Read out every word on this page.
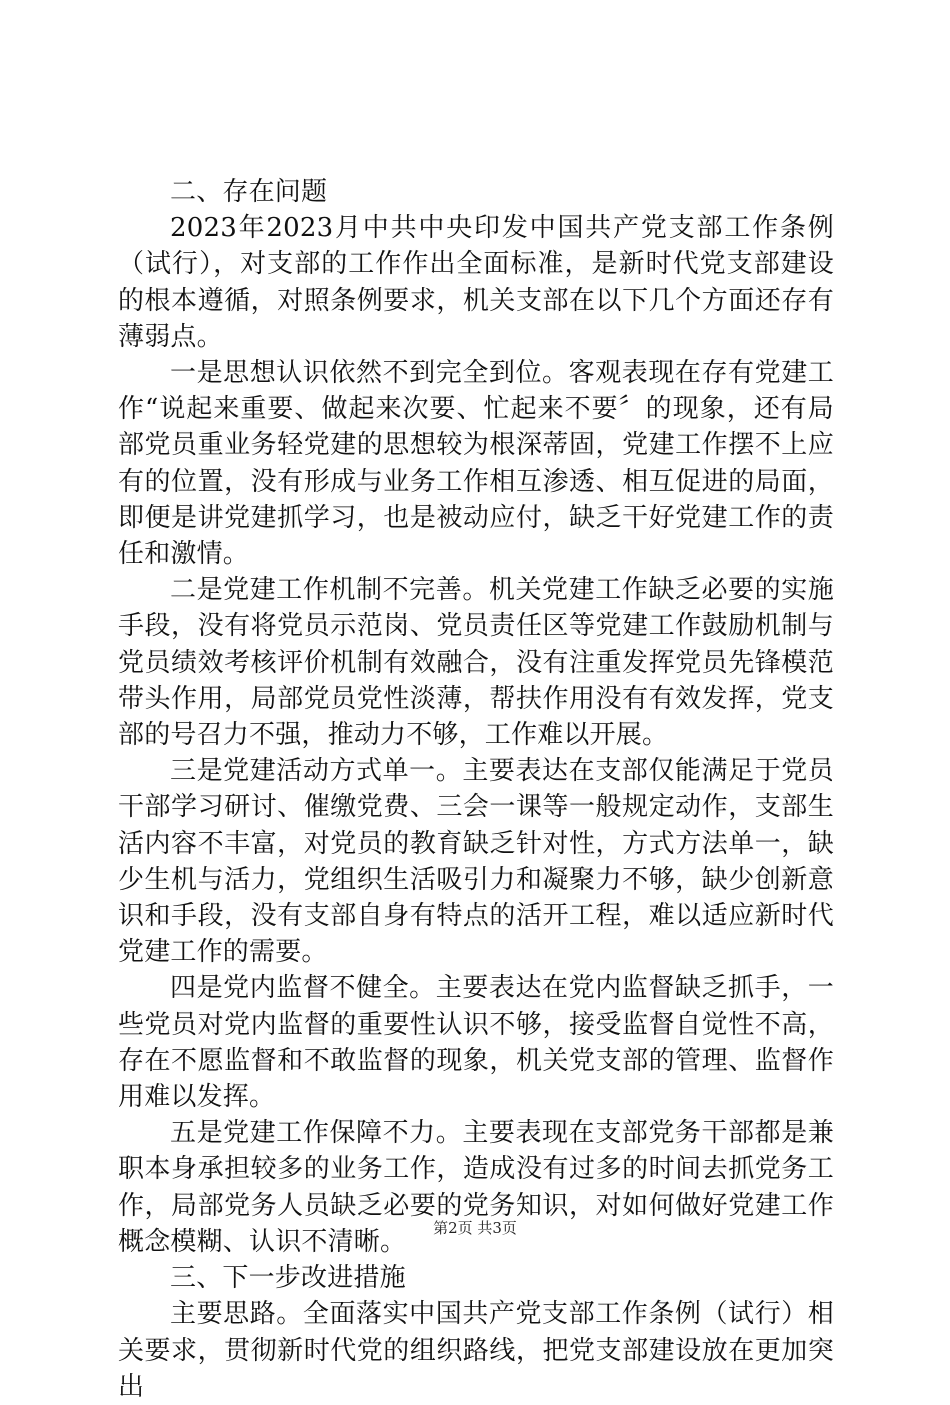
二、存在问题

2023年2023月中共中央印发中国共产党支部工作条例（试行），对支部的工作作出全面标准，是新时代党支部建设的根本遵循，对照条例要求，机关支部在以下几个方面还存有薄弱点。

一是思想认识依然不到完全到位。客观表现在存有党建工作“说起来重要、做起来次要、忙起来不要〞的现象，还有局部党员重业务轻党建的思想较为根深蒂固，党建工作摆不上应有的位置，没有形成与业务工作相互渗透、相互促进的局面，即便是讲党建抓学习，也是被动应付，缺乏干好党建工作的责任和激情。

二是党建工作机制不完善。机关党建工作缺乏必要的实施手段，没有将党员示范岗、党员责任区等党建工作鼓励机制与党员绩效考核评价机制有效融合，没有注重发挥党员先锋模范带头作用，局部党员党性淡薄，帮扶作用没有有效发挥，党支部的号召力不强，推动力不够，工作难以开展。

三是党建活动方式单一。主要表达在支部仅能满足于党员干部学习研讨、催缴党费、三会一课等一般规定动作，支部生活内容不丰富，对党员的教育缺乏针对性，方式方法单一，缺少生机与活力，党组织生活吸引力和凝聚力不够，缺少创新意识和手段，没有支部自身有特点的活开工程，难以适应新时代党建工作的需要。

四是党内监督不健全。主要表达在党内监督缺乏抓手，一些党员对党内监督的重要性认识不够，接受监督自觉性不高，存在不愿监督和不敢监督的现象，机关党支部的管理、监督作用难以发挥。

五是党建工作保障不力。主要表现在支部党务干部都是兼职本身承担较多的业务工作，造成没有过多的时间去抓党务工作，局部党务人员缺乏必要的党务知识，对如何做好党建工作概念模糊、认识不清晰。

三、下一步改进措施

主要思路。全面落实中国共产党支部工作条例（试行）相关要求，贯彻新时代党的组织路线，把党支部建设放在更加突出

第2页 共3页
